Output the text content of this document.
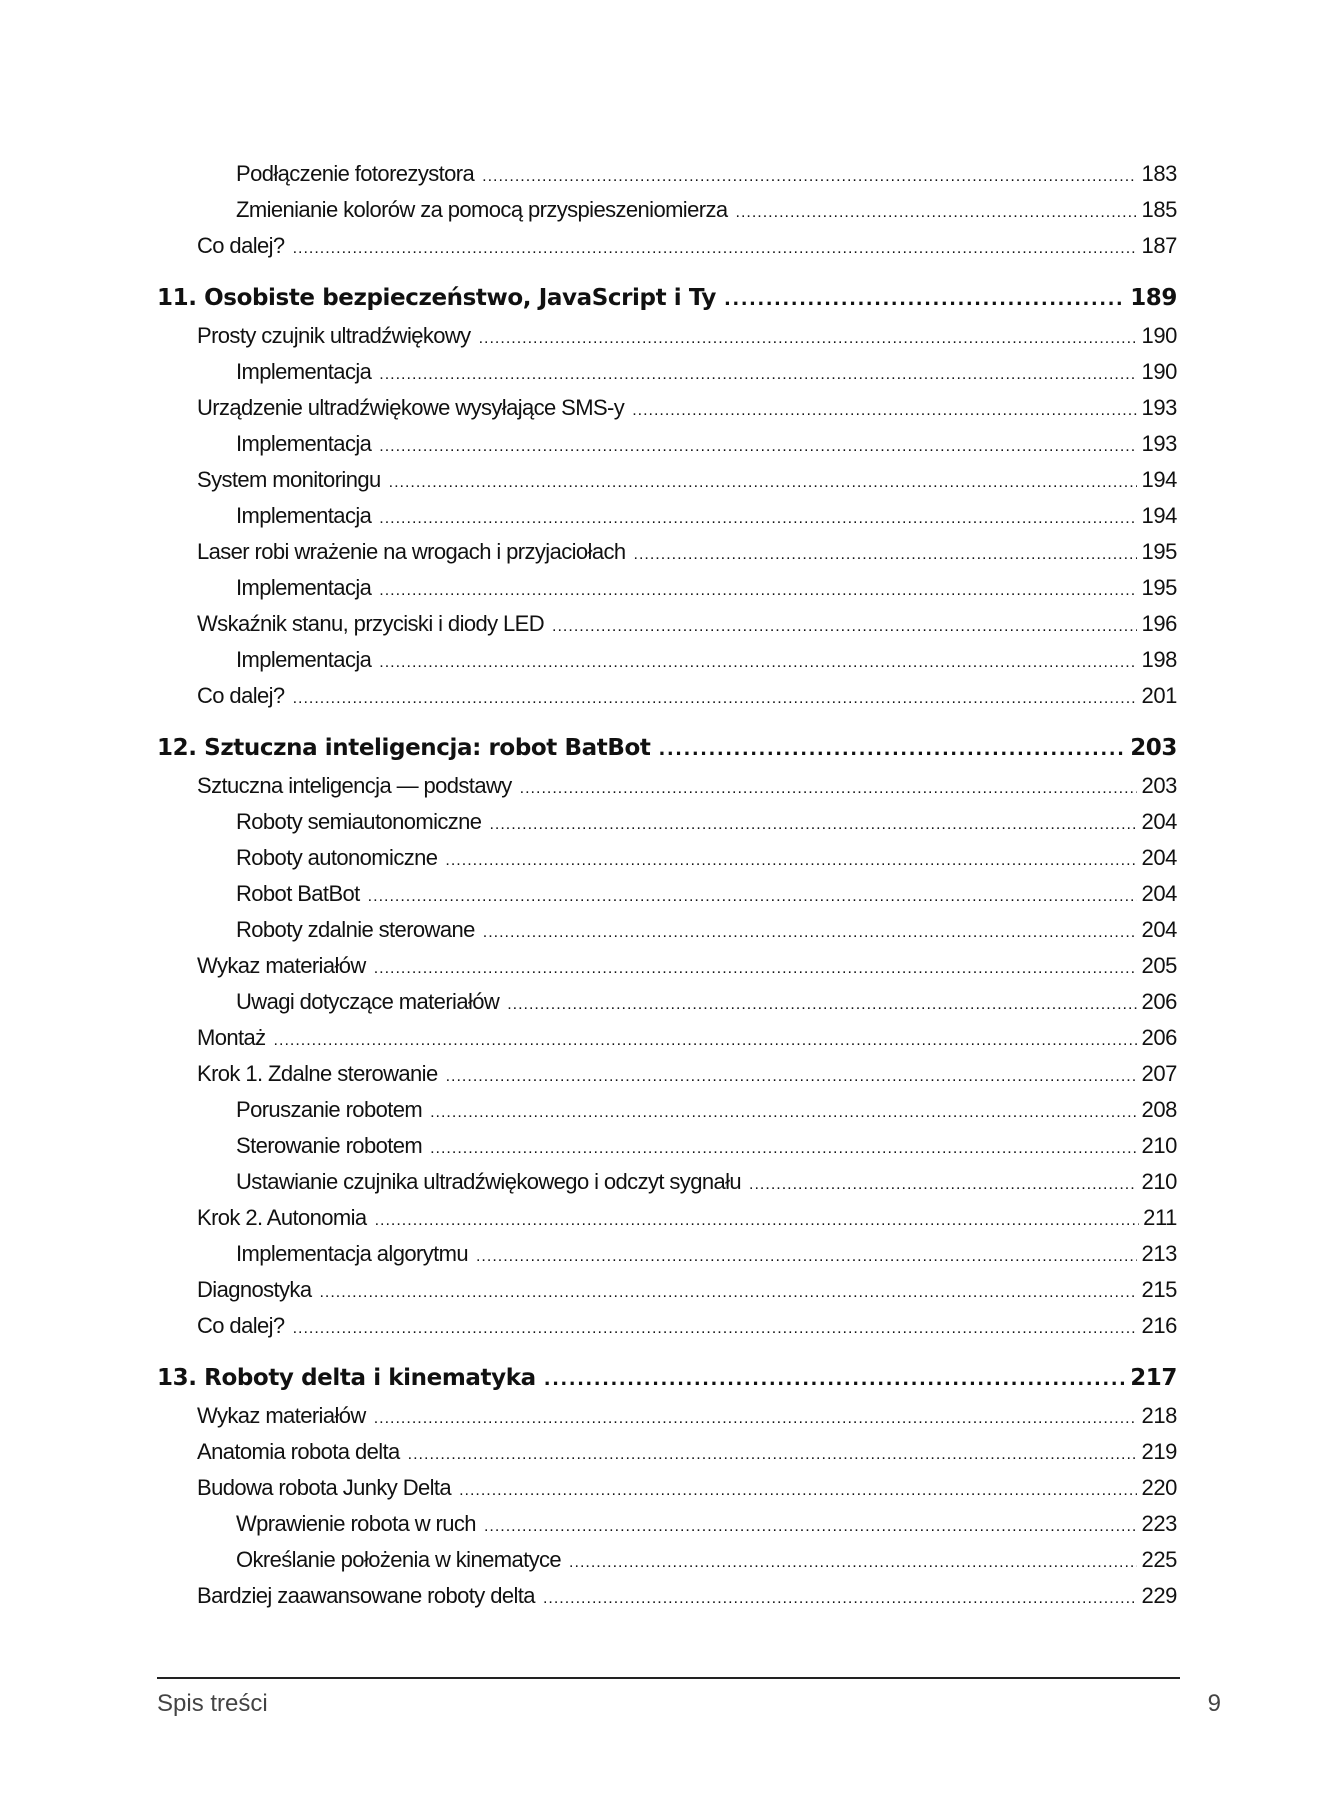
Podłączenie fotorezystora .....	183
Zmienianie kolorów za pomocą przyspieszeniomierza .....	185
Co dalej? .....	187
11. Osobiste bezpieczeństwo, JavaScript i Ty .....	189
Prosty czujnik ultradźwiękowy .....	190
Implementacja .....	190
Urządzenie ultradźwiękowe wysyłające SMS-y .....	193
Implementacja .....	193
System monitoringu .....	194
Implementacja .....	194
Laser robi wrażenie na wrogach i przyjaciołach .....	195
Implementacja .....	195
Wskaźnik stanu, przyciski i diody LED .....	196
Implementacja .....	198
Co dalej? .....	201
12. Sztuczna inteligencja: robot BatBot .....	203
Sztuczna inteligencja — podstawy .....	203
Roboty semiautonomiczne .....	204
Roboty autonomiczne .....	204
Robot BatBot .....	204
Roboty zdalnie sterowane .....	204
Wykaz materiałów .....	205
Uwagi dotyczące materiałów .....	206
Montaż .....	206
Krok 1. Zdalne sterowanie .....	207
Poruszanie robotem .....	208
Sterowanie robotem .....	210
Ustawianie czujnika ultradźwiękowego i odczyt sygnału .....	210
Krok 2. Autonomia .....	211
Implementacja algorytmu .....	213
Diagnostyka .....	215
Co dalej? .....	216
13. Roboty delta i kinematyka .....	217
Wykaz materiałów .....	218
Anatomia robota delta .....	219
Budowa robota Junky Delta .....	220
Wprawienie robota w ruch .....	223
Określanie położenia w kinematyce .....	225
Bardziej zaawansowane roboty delta .....	229
Spis treści	9
